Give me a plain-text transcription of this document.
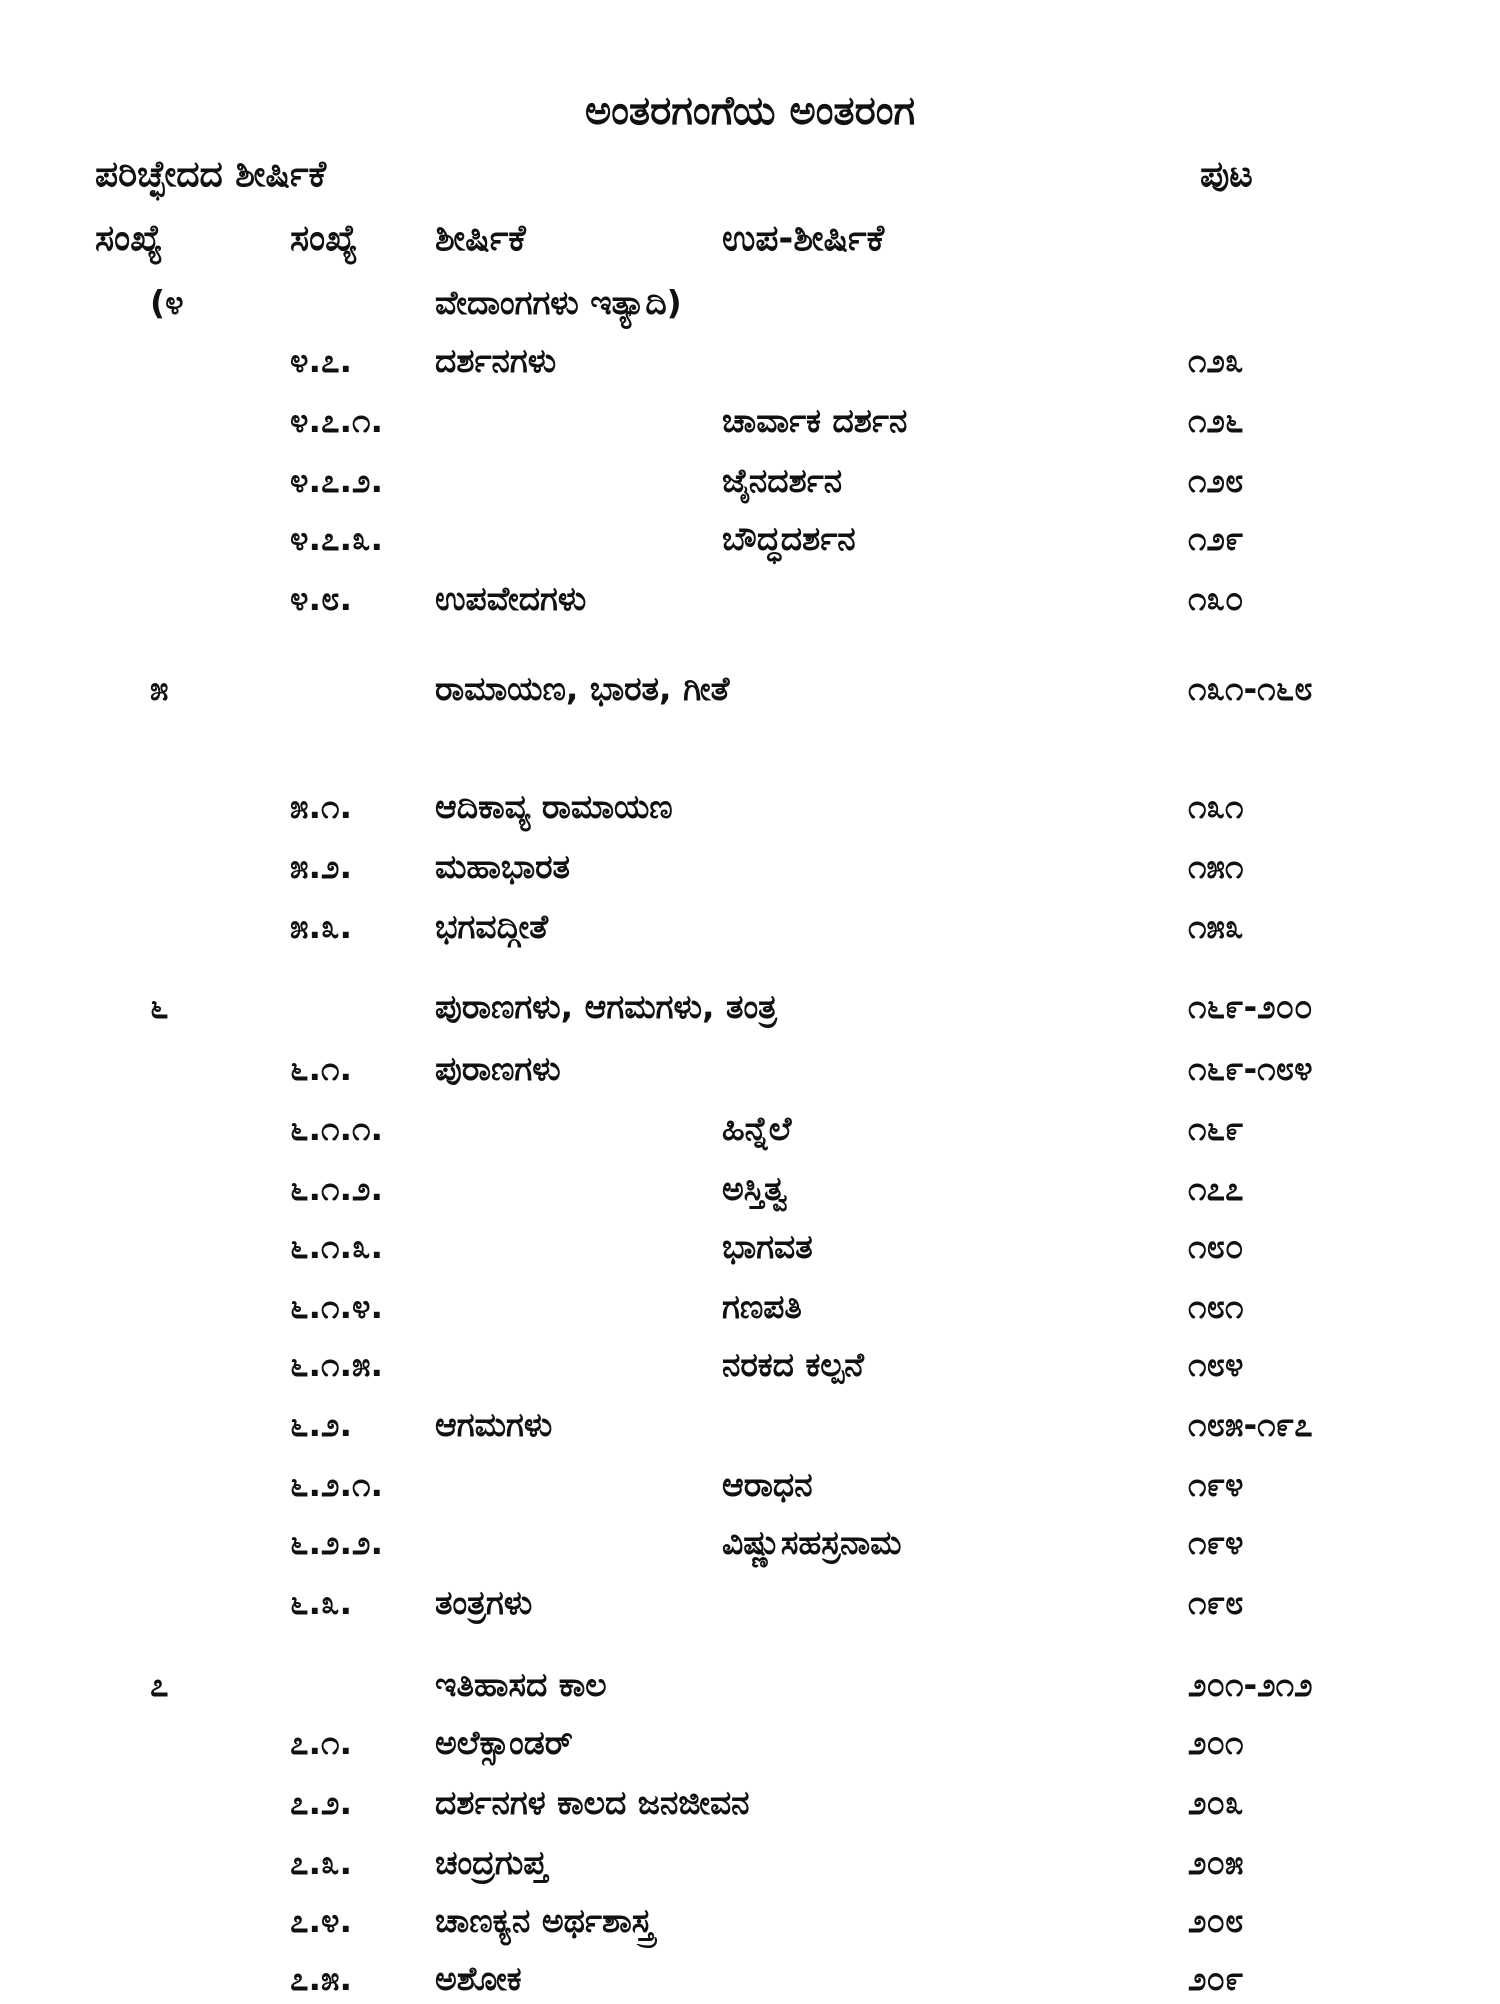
ಅಂತರಗಂಗೆಯ ಅಂತರಂಗ
ಪರಿಚ್ಛೇದದ ಶೀರ್ಷಿಕೆ	ಪುಟ
ಸಂಖ್ಯೆ	ಸಂಖ್ಯೆ ಶೀರ್ಷಿಕೆ	ಉಪ-ಶೀರ್ಷಿಕೆ
(೪	ವೇದಾಂಗಗಳು ಇತ್ಯಾದಿ)
೪.೭.	ದರ್ಶನಗಳು	೧೨೩
೪.೭.೧.	ಚಾರ್ವಾಕ ದರ್ಶನ	೧೨೬
೪.೭.೨.	ಜೈನದರ್ಶನ	೧೨೮
೪.೭.೩.	ಬೌದ್ಧದರ್ಶನ	೧೨೯
೪.೮.	ಉಪವೇದಗಳು	೧೩೦
೫	ರಾಮಾಯಣ, ಭಾರತ, ಗೀತೆ	೧೩೧-೧೬೮
೫.೧.	ಆದಿಕಾವ್ಯ ರಾಮಾಯಣ	೧೩೧
೫.೨.	ಮಹಾಭಾರತ	೧೫೧
೫.೩.	ಭಗವದ್ಗೀತೆ	೧೫೩
೬	ಪುರಾಣಗಳು, ಆಗಮಗಳು, ತಂತ್ರ	೧೬೯-೨೦೦
೬.೧.	ಪುರಾಣಗಳು	೧೬೯-೧೮೪
೬.೧.೧.	ಹಿನ್ನೆಲೆ	೧೬೯
೬.೧.೨.	ಅಸ್ತಿತ್ವ	೧೭೭
೬.೧.೩.	ಭಾಗವತ	೧೮೦
೬.೧.೪.	ಗಣಪತಿ	೧೮೧
೬.೧.೫.	ನರಕದ ಕಲ್ಪನೆ	೧೮೪
೬.೨.	ಆಗಮಗಳು	೧೮೫-೧೯೭
೬.೨.೧.	ಆರಾಧನ	೧೯೪
೬.೨.೨.	ವಿಷ್ಣುಸಹಸ್ರನಾಮ	೧೯೪
೬.೩.	ತಂತ್ರಗಳು	೧೯೮
೭	ಇತಿಹಾಸದ ಕಾಲ	೨೦೧-೨೧೨
೭.೧.	ಅಲೆಕ್ಸಾಂಡರ್	೨೦೧
೭.೨.	ದರ್ಶನಗಳ ಕಾಲದ ಜನಜೀವನ	೨೦೩
೭.೩.	ಚಂದ್ರಗುಪ್ತ	೨೦೫
೭.೪.	ಚಾಣಕ್ಯನ ಅರ್ಥಶಾಸ್ತ್ರ	೨೦೮
೭.೫.	ಅಶೋಕ	೨೦೯
